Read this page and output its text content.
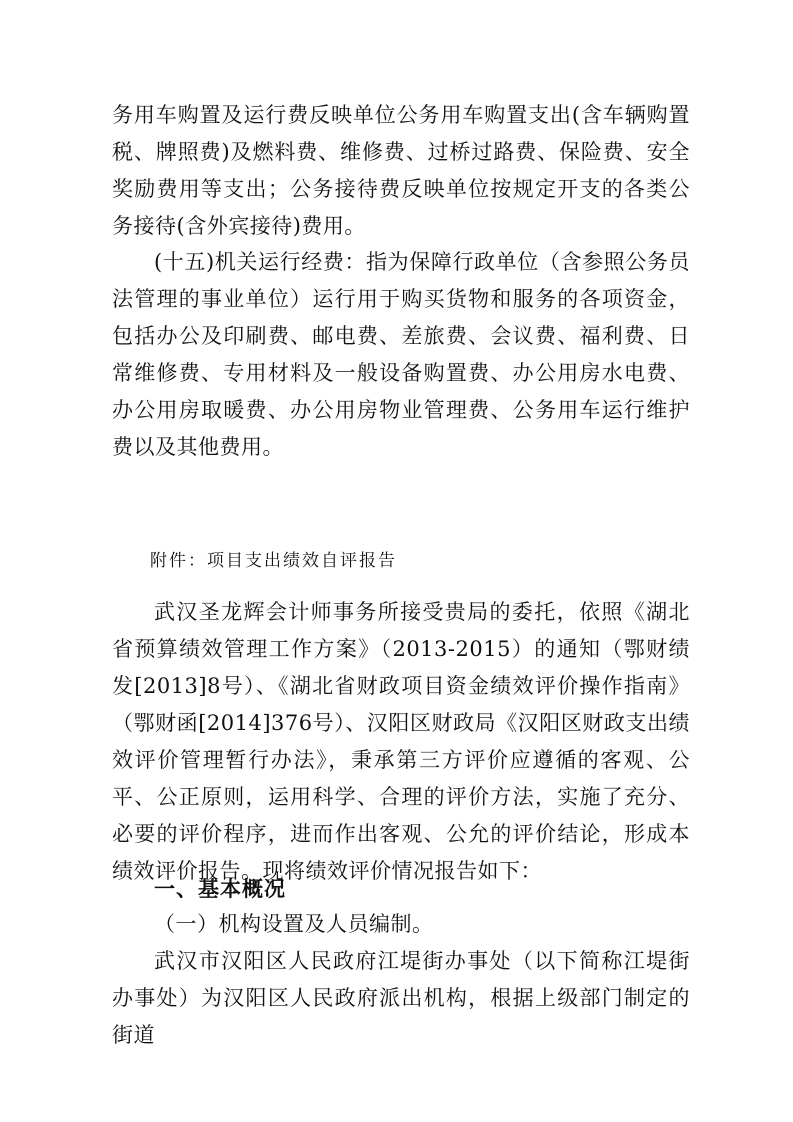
务用车购置及运行费反映单位公务用车购置支出(含车辆购置税、牌照费)及燃料费、维修费、过桥过路费、保险费、安全奖励费用等支出；公务接待费反映单位按规定开支的各类公务接待(含外宾接待)费用。

(十五)机关运行经费：指为保障行政单位（含参照公务员法管理的事业单位）运行用于购买货物和服务的各项资金，包括办公及印刷费、邮电费、差旅费、会议费、福利费、日常维修费、专用材料及一般设备购置费、办公用房水电费、办公用房取暖费、办公用房物业管理费、公务用车运行维护费以及其他费用。

附件：项目支出绩效自评报告

武汉圣龙辉会计师事务所接受贵局的委托，依照《湖北省预算绩效管理工作方案》（2013-2015）的通知（鄂财绩发[2013]8号）、《湖北省财政项目资金绩效评价操作指南》（鄂财函[2014]376号）、汉阳区财政局《汉阳区财政支出绩效评价管理暂行办法》，秉承第三方评价应遵循的客观、公平、公正原则，运用科学、合理的评价方法，实施了充分、必要的评价程序，进而作出客观、公允的评价结论，形成本绩效评价报告。现将绩效评价情况报告如下：

一、基本概况

（一）机构设置及人员编制。

武汉市汉阳区人民政府江堤街办事处（以下简称江堤街办事处）为汉阳区人民政府派出机构，根据上级部门制定的街道
